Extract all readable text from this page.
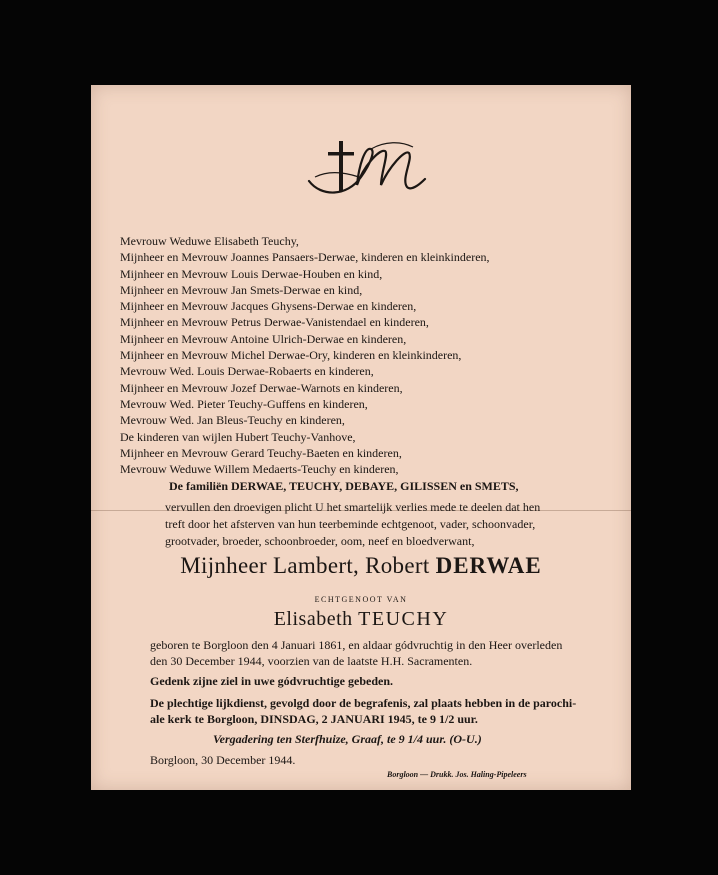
Mevrouw Weduwe Elisabeth Teuchy,
Mijnheer en Mevrouw Joannes Pansaers-Derwae, kinderen en kleinkinderen,
Mijnheer en Mevrouw Louis Derwae-Houben en kind,
Mijnheer en Mevrouw Jan Smets-Derwae en kind,
Mijnheer en Mevrouw Jacques Ghysens-Derwae en kinderen,
Mijnheer en Mevrouw Petrus Derwae-Vanistendael en kinderen,
Mijnheer en Mevrouw Antoine Ulrich-Derwae en kinderen,
Mijnheer en Mevrouw Michel Derwae-Ory, kinderen en kleinkinderen,
Mevrouw Wed. Louis Derwae-Robaerts en kinderen,
Mijnheer en Mevrouw Jozef Derwae-Warnots en kinderen,
Mevrouw Wed. Pieter Teuchy-Guffens en kinderen,
Mevrouw Wed. Jan Bleus-Teuchy en kinderen,
De kinderen van wijlen Hubert Teuchy-Vanhove,
Mijnheer en Mevrouw Gerard Teuchy-Baeten en kinderen,
Mevrouw Weduwe Willem Medaerts-Teuchy en kinderen,
De familiën DERWAE, TEUCHY, DEBAYE, GILISSEN en SMETS,
vervullen den droevigen plicht U het smartelijk verlies mede te deelen dat hen
treft door het afsterven van hun teerbeminde echtgenoot, vader, schoonvader,
grootvader, broeder, schoonbroeder, oom, neef en bloedverwant,
Mijnheer Lambert, Robert DERWAE
ECHTGENOOT VAN
Elisabeth TEUCHY
geboren te Borgloon den 4 Januari 1861, en aldaar gódvruchtig in den Heer overleden
den 30 December 1944, voorzien van de laatste H.H. Sacramenten.
Gedenk zijne ziel in uwe gódvruchtige gebeden.
De plechtige lijkdienst, gevolgd door de begrafenis, zal plaats hebben in de parochi-
ale kerk te Borgloon, DINSDAG, 2 JANUARI 1945, te 9 1/2 uur.
Vergadering ten Sterfhuize, Graaf, te 9 1/4 uur. (O-U.)
Borgloon, 30 December 1944.
Borgloon — Drukk. Jos. Haling-Pipeleers
